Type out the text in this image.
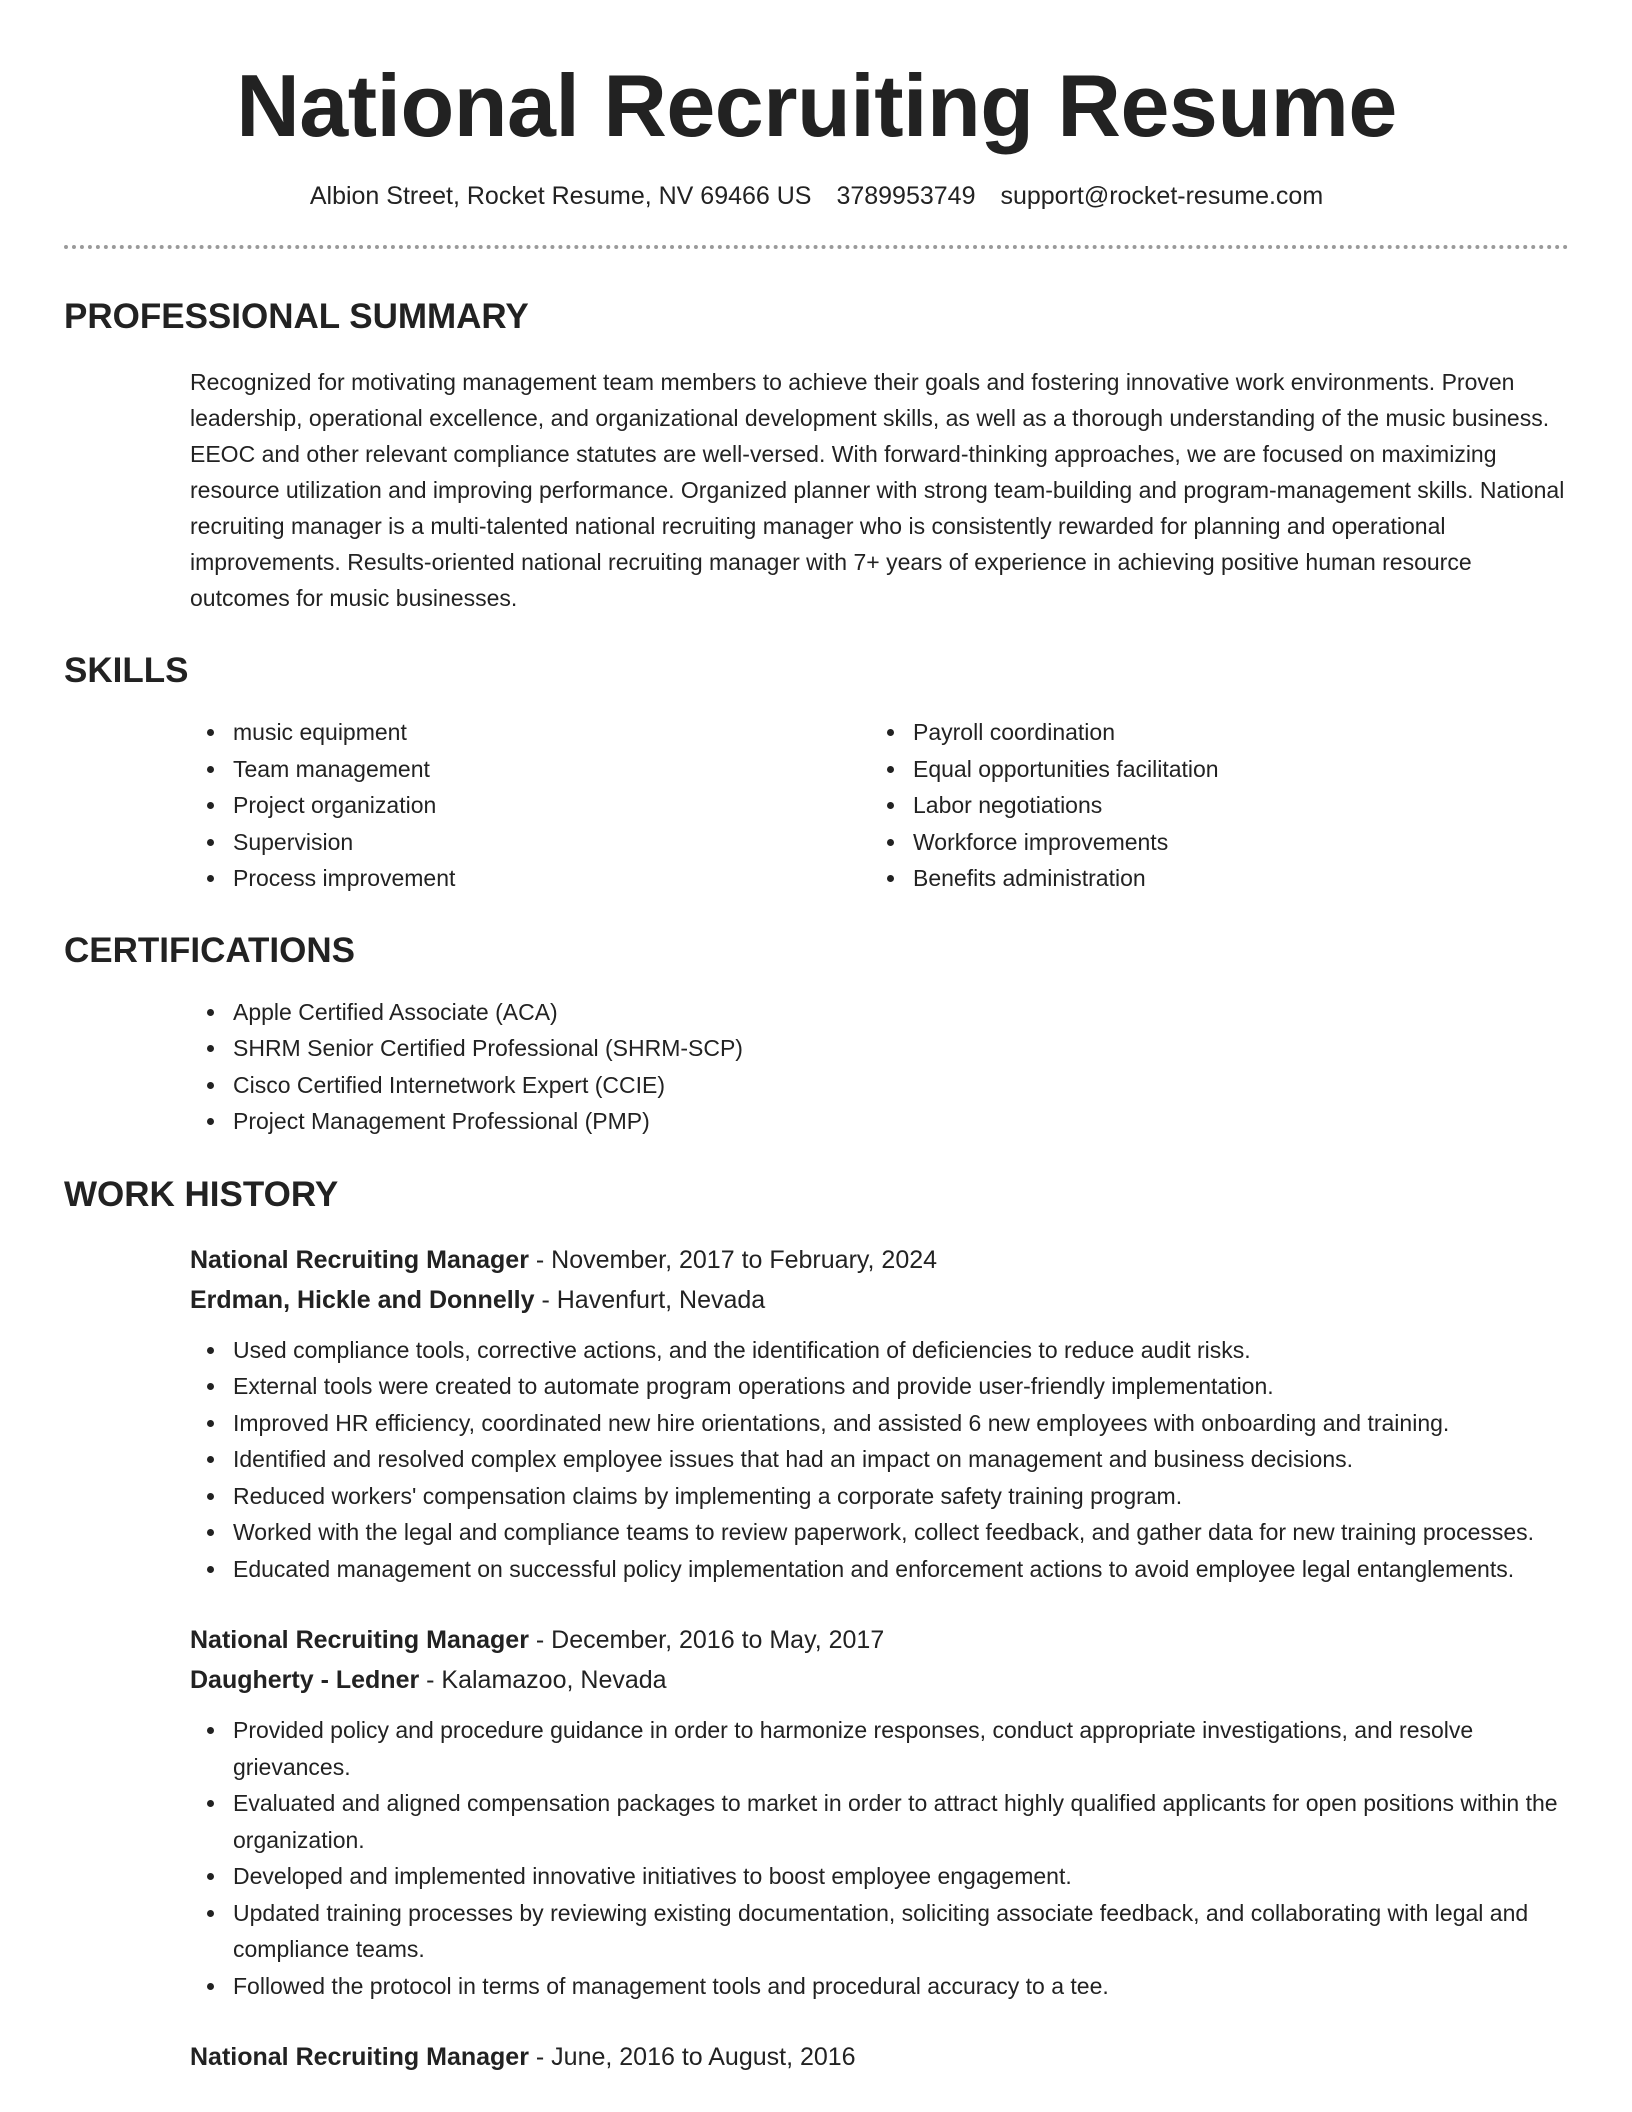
National Recruiting Resume
Albion Street, Rocket Resume, NV 69466 US 3789953749 support@rocket-resume.com
PROFESSIONAL SUMMARY

Recognized for motivating management team members to achieve their goals and fostering innovative work environments. Proven leadership, operational excellence, and organizational development skills, as well as a thorough understanding of the music business. EEOC and other relevant compliance statutes are well-versed. With forward-thinking approaches, we are focused on maximizing resource utilization and improving performance. Organized planner with strong team-building and program-management skills. National recruiting manager is a multi-talented national recruiting manager who is consistently rewarded for planning and operational improvements. Results-oriented national recruiting manager with 7+ years of experience in achieving positive human resource outcomes for music businesses.

SKILLS
music equipment
Team management
Project organization
Supervision
Process improvement
Payroll coordination
Equal opportunities facilitation
Labor negotiations
Workforce improvements
Benefits administration
CERTIFICATIONS
Apple Certified Associate (ACA)
SHRM Senior Certified Professional (SHRM-SCP)
Cisco Certified Internetwork Expert (CCIE)
Project Management Professional (PMP)
WORK HISTORY
National Recruiting Manager - November, 2017 to February, 2024
Erdman, Hickle and Donnelly - Havenfurt, Nevada
Used compliance tools, corrective actions, and the identification of deficiencies to reduce audit risks.
External tools were created to automate program operations and provide user-friendly implementation.
Improved HR efficiency, coordinated new hire orientations, and assisted 6 new employees with onboarding and training.
Identified and resolved complex employee issues that had an impact on management and business decisions.
Reduced workers' compensation claims by implementing a corporate safety training program.
Worked with the legal and compliance teams to review paperwork, collect feedback, and gather data for new training processes.
Educated management on successful policy implementation and enforcement actions to avoid employee legal entanglements.
National Recruiting Manager - December, 2016 to May, 2017
Daugherty - Ledner - Kalamazoo, Nevada
Provided policy and procedure guidance in order to harmonize responses, conduct appropriate investigations, and resolve grievances.
Evaluated and aligned compensation packages to market in order to attract highly qualified applicants for open positions within the organization.
Developed and implemented innovative initiatives to boost employee engagement.
Updated training processes by reviewing existing documentation, soliciting associate feedback, and collaborating with legal and compliance teams.
Followed the protocol in terms of management tools and procedural accuracy to a tee.
National Recruiting Manager - June, 2016 to August, 2016
